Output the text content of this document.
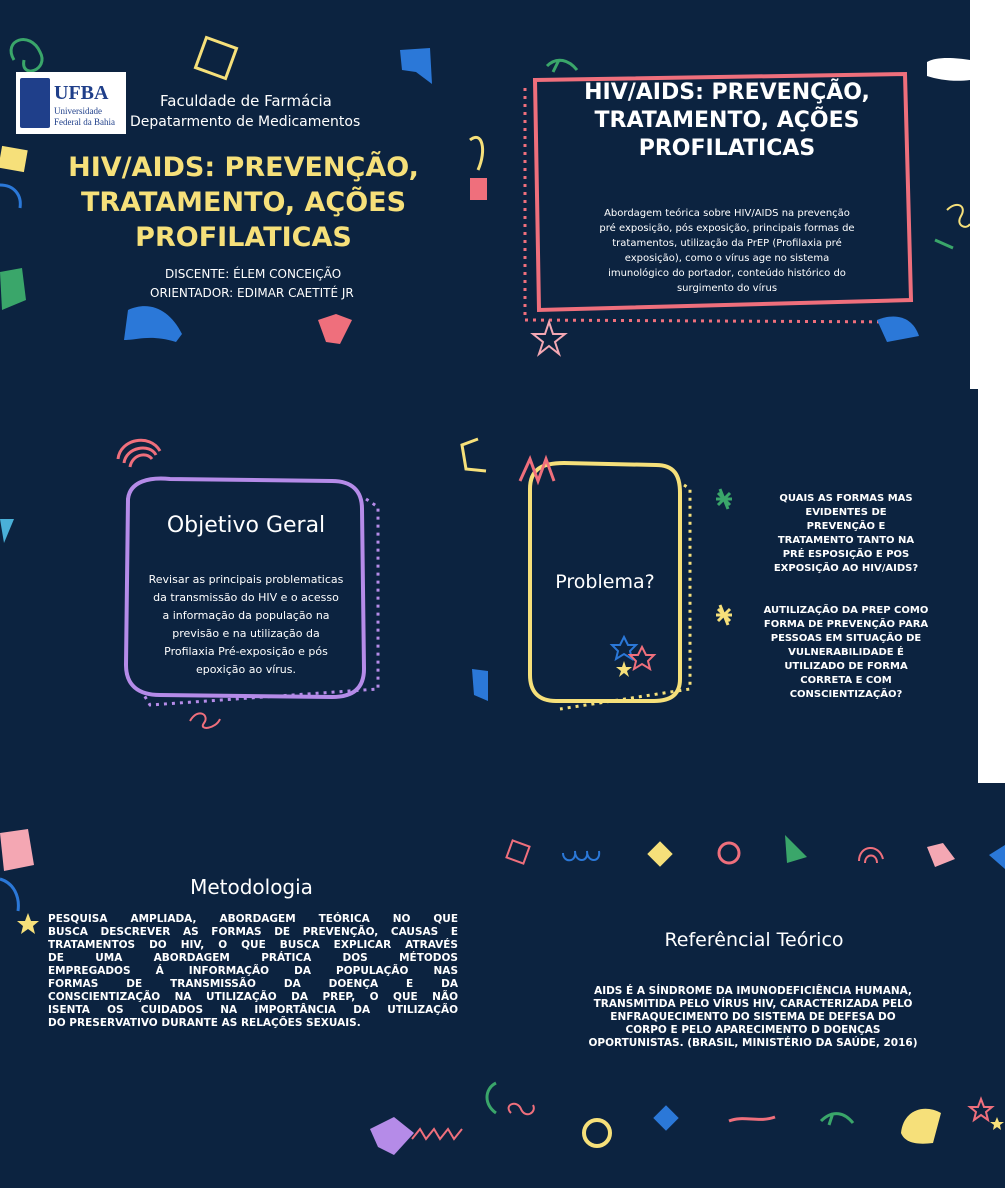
UFBA
Universidade
Federal da Bahia
Faculdade de Farmácia
Depatarmento de Medicamentos
HIV/AIDS: PREVENÇÃO,
TRATAMENTO, AÇÕES
PROFILATICAS
DISCENTE: ÉLEM CONCEIÇÃO
ORIENTADOR: EDIMAR CAETITÉ JR
HIV/AIDS: PREVENÇÃO,
TRATAMENTO, AÇÕES
PROFILATICAS
Abordagem teórica sobre HIV/AIDS na prevenção
pré exposição, pós exposição, principais formas de
tratamentos, utilização da PrEP (Profilaxia pré
exposição), como o vírus age no sistema
imunológico do portador, conteúdo histórico do
surgimento do vírus
Objetivo Geral
Revisar as principais problematicas
da transmissão do HIV e o acesso
a informação da população na
previsão e na utilização da
Profilaxia Pré-exposição e pós
epoxição ao vírus.
Problema?
QUAIS AS FORMAS MAS
EVIDENTES DE
PREVENÇÃO E
TRATAMENTO TANTO NA
PRÉ ESPOSIÇÃO E POS
EXPOSIÇÃO AO HIV/AIDS?
AUTILIZAÇÃO DA PREP COMO
FORMA DE PREVENÇÃO PARA
PESSOAS EM SITUAÇÃO DE
VULNERABILIDADE É
UTILIZADO DE FORMA
CORRETA E COM
CONSCIENTIZAÇÃO?
Metodologia
PESQUISA AMPLIADA, ABORDAGEM TEÓRICA NO QUE
BUSCA DESCREVER AS FORMAS DE PREVENÇÃO, CAUSAS E
TRATAMENTOS DO HIV, O QUE BUSCA EXPLICAR ATRAVÉS
DE UMA ABORDAGEM PRÁTICA DOS MÉTODOS
EMPREGADOS Á INFORMAÇÃO DA POPULAÇÃO NAS
FORMAS DE TRANSMISSÃO DA DOENÇA E DA
CONSCIENTIZAÇÃO NA UTILIZAÇÃO DA PREP, O QUE NÃO
ISENTA OS CUIDADOS NA IMPORTÂNCIA DA UTILIZAÇÃO
DO PRESERVATIVO DURANTE AS RELAÇÕES SEXUAIS.
Referêncial Teórico
AIDS É A SÍNDROME DA IMUNODEFICIÊNCIA HUMANA,
TRANSMITIDA PELO VÍRUS HIV, CARACTERIZADA PELO
ENFRAQUECIMENTO DO SISTEMA DE DEFESA DO
CORPO E PELO APARECIMENTO D DOENÇAS
OPORTUNISTAS. (BRASIL, MINISTÉRIO DA SAÚDE, 2016)
